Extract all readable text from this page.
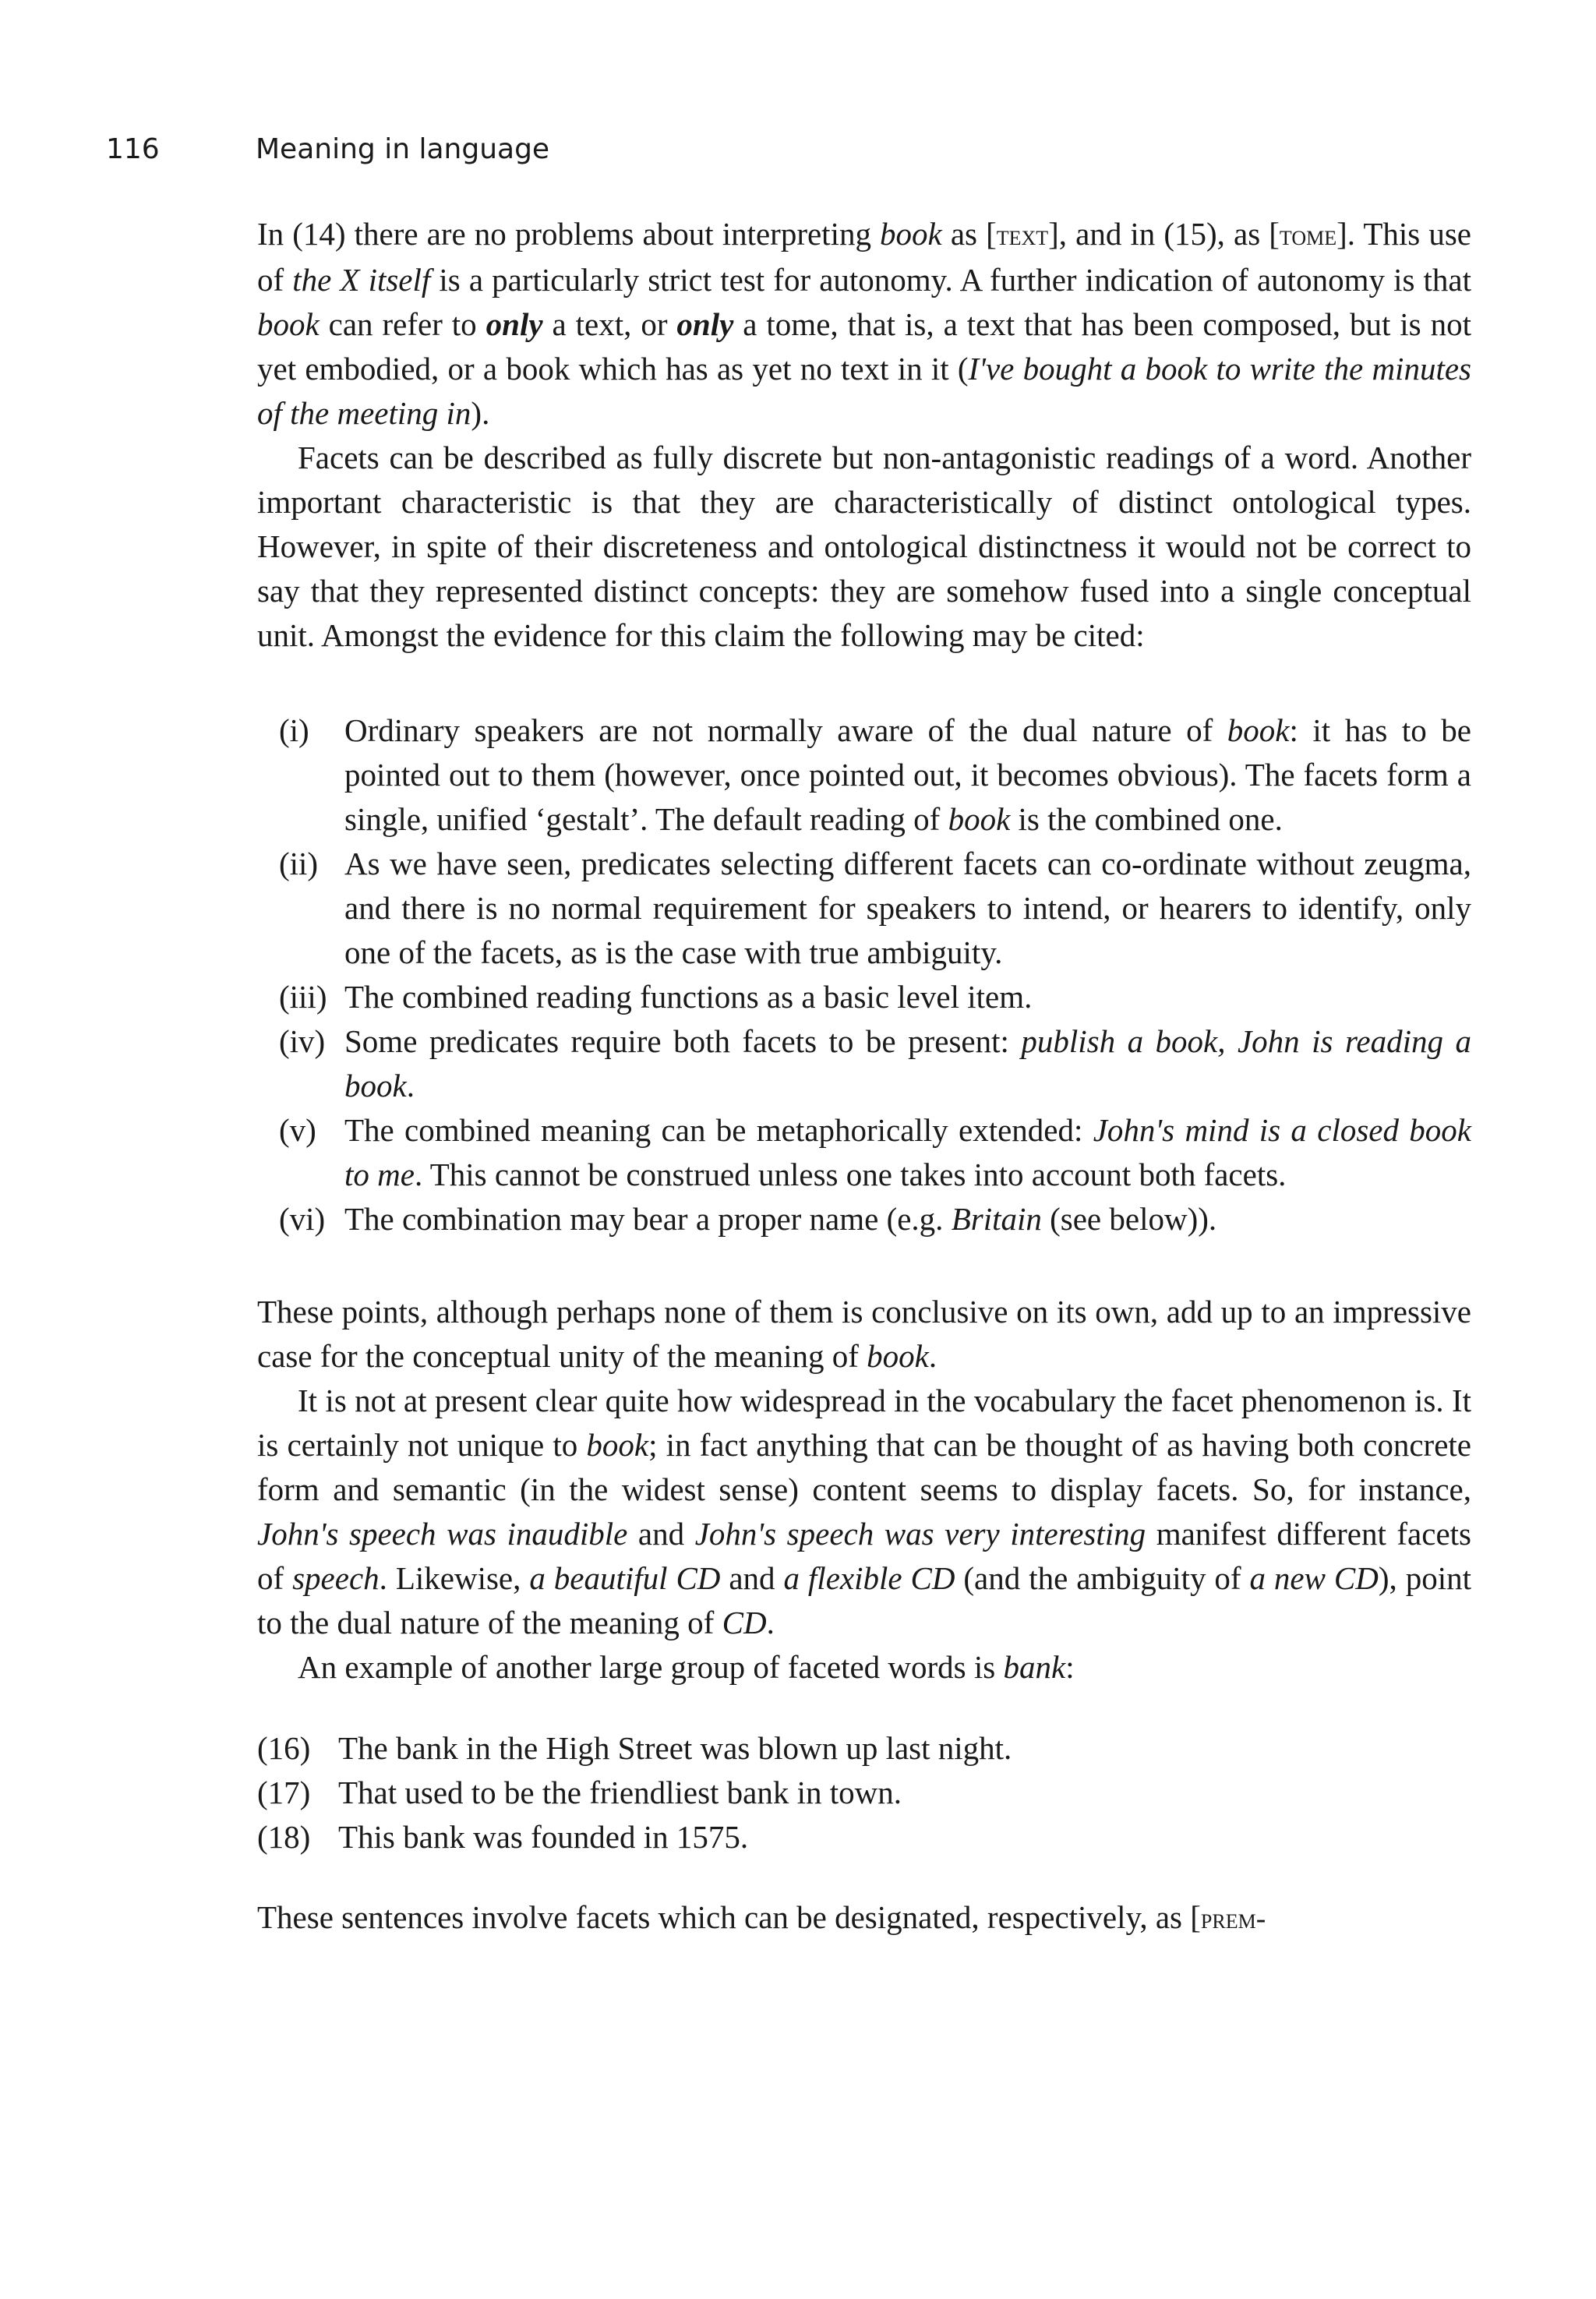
116	Meaning in language

In (14) there are no problems about interpreting book as [text], and in (15), as [tome]. This use of the X itself is a particularly strict test for autonomy. A further indication of autonomy is that book can refer to only a text, or only a tome, that is, a text that has been composed, but is not yet embodied, or a book which has as yet no text in it (I've bought a book to write the minutes of the meeting in).

Facets can be described as fully discrete but non-antagonistic readings of a word. Another important characteristic is that they are characteristically of distinct ontological types. However, in spite of their discreteness and ontological distinctness it would not be correct to say that they represented distinct concepts: they are somehow fused into a single conceptual unit. Amongst the evidence for this claim the following may be cited:

(i)	Ordinary speakers are not normally aware of the dual nature of book: it has to be pointed out to them (however, once pointed out, it becomes obvious). The facets form a single, unified ‘gestalt’. The default reading of book is the combined one.
(ii) As we have seen, predicates selecting different facets can co-ordinate without zeugma, and there is no normal requirement for speakers to intend, or hearers to identify, only one of the facets, as is the case with true ambiguity.
(iii) The combined reading functions as a basic level item.
(iv) Some predicates require both facets to be present: publish a book, John is reading a book.
(v) The combined meaning can be metaphorically extended: John's mind is a closed book to me. This cannot be construed unless one takes into account both facets.
(vi) The combination may bear a proper name (e.g. Britain (see below)).

These points, although perhaps none of them is conclusive on its own, add up to an impressive case for the conceptual unity of the meaning of book.

It is not at present clear quite how widespread in the vocabulary the facet phenomenon is. It is certainly not unique to book; in fact anything that can be thought of as having both concrete form and semantic (in the widest sense) content seems to display facets. So, for instance, John's speech was inaudible and John's speech was very interesting manifest different facets of speech. Likewise, a beautiful CD and a flexible CD (and the ambiguity of a new CD), point to the dual nature of the meaning of CD.

An example of another large group of faceted words is bank:

(16) The bank in the High Street was blown up last night.
(17) That used to be the friendliest bank in town.
(18) This bank was founded in 1575.

These sentences involve facets which can be designated, respectively, as [prem-
